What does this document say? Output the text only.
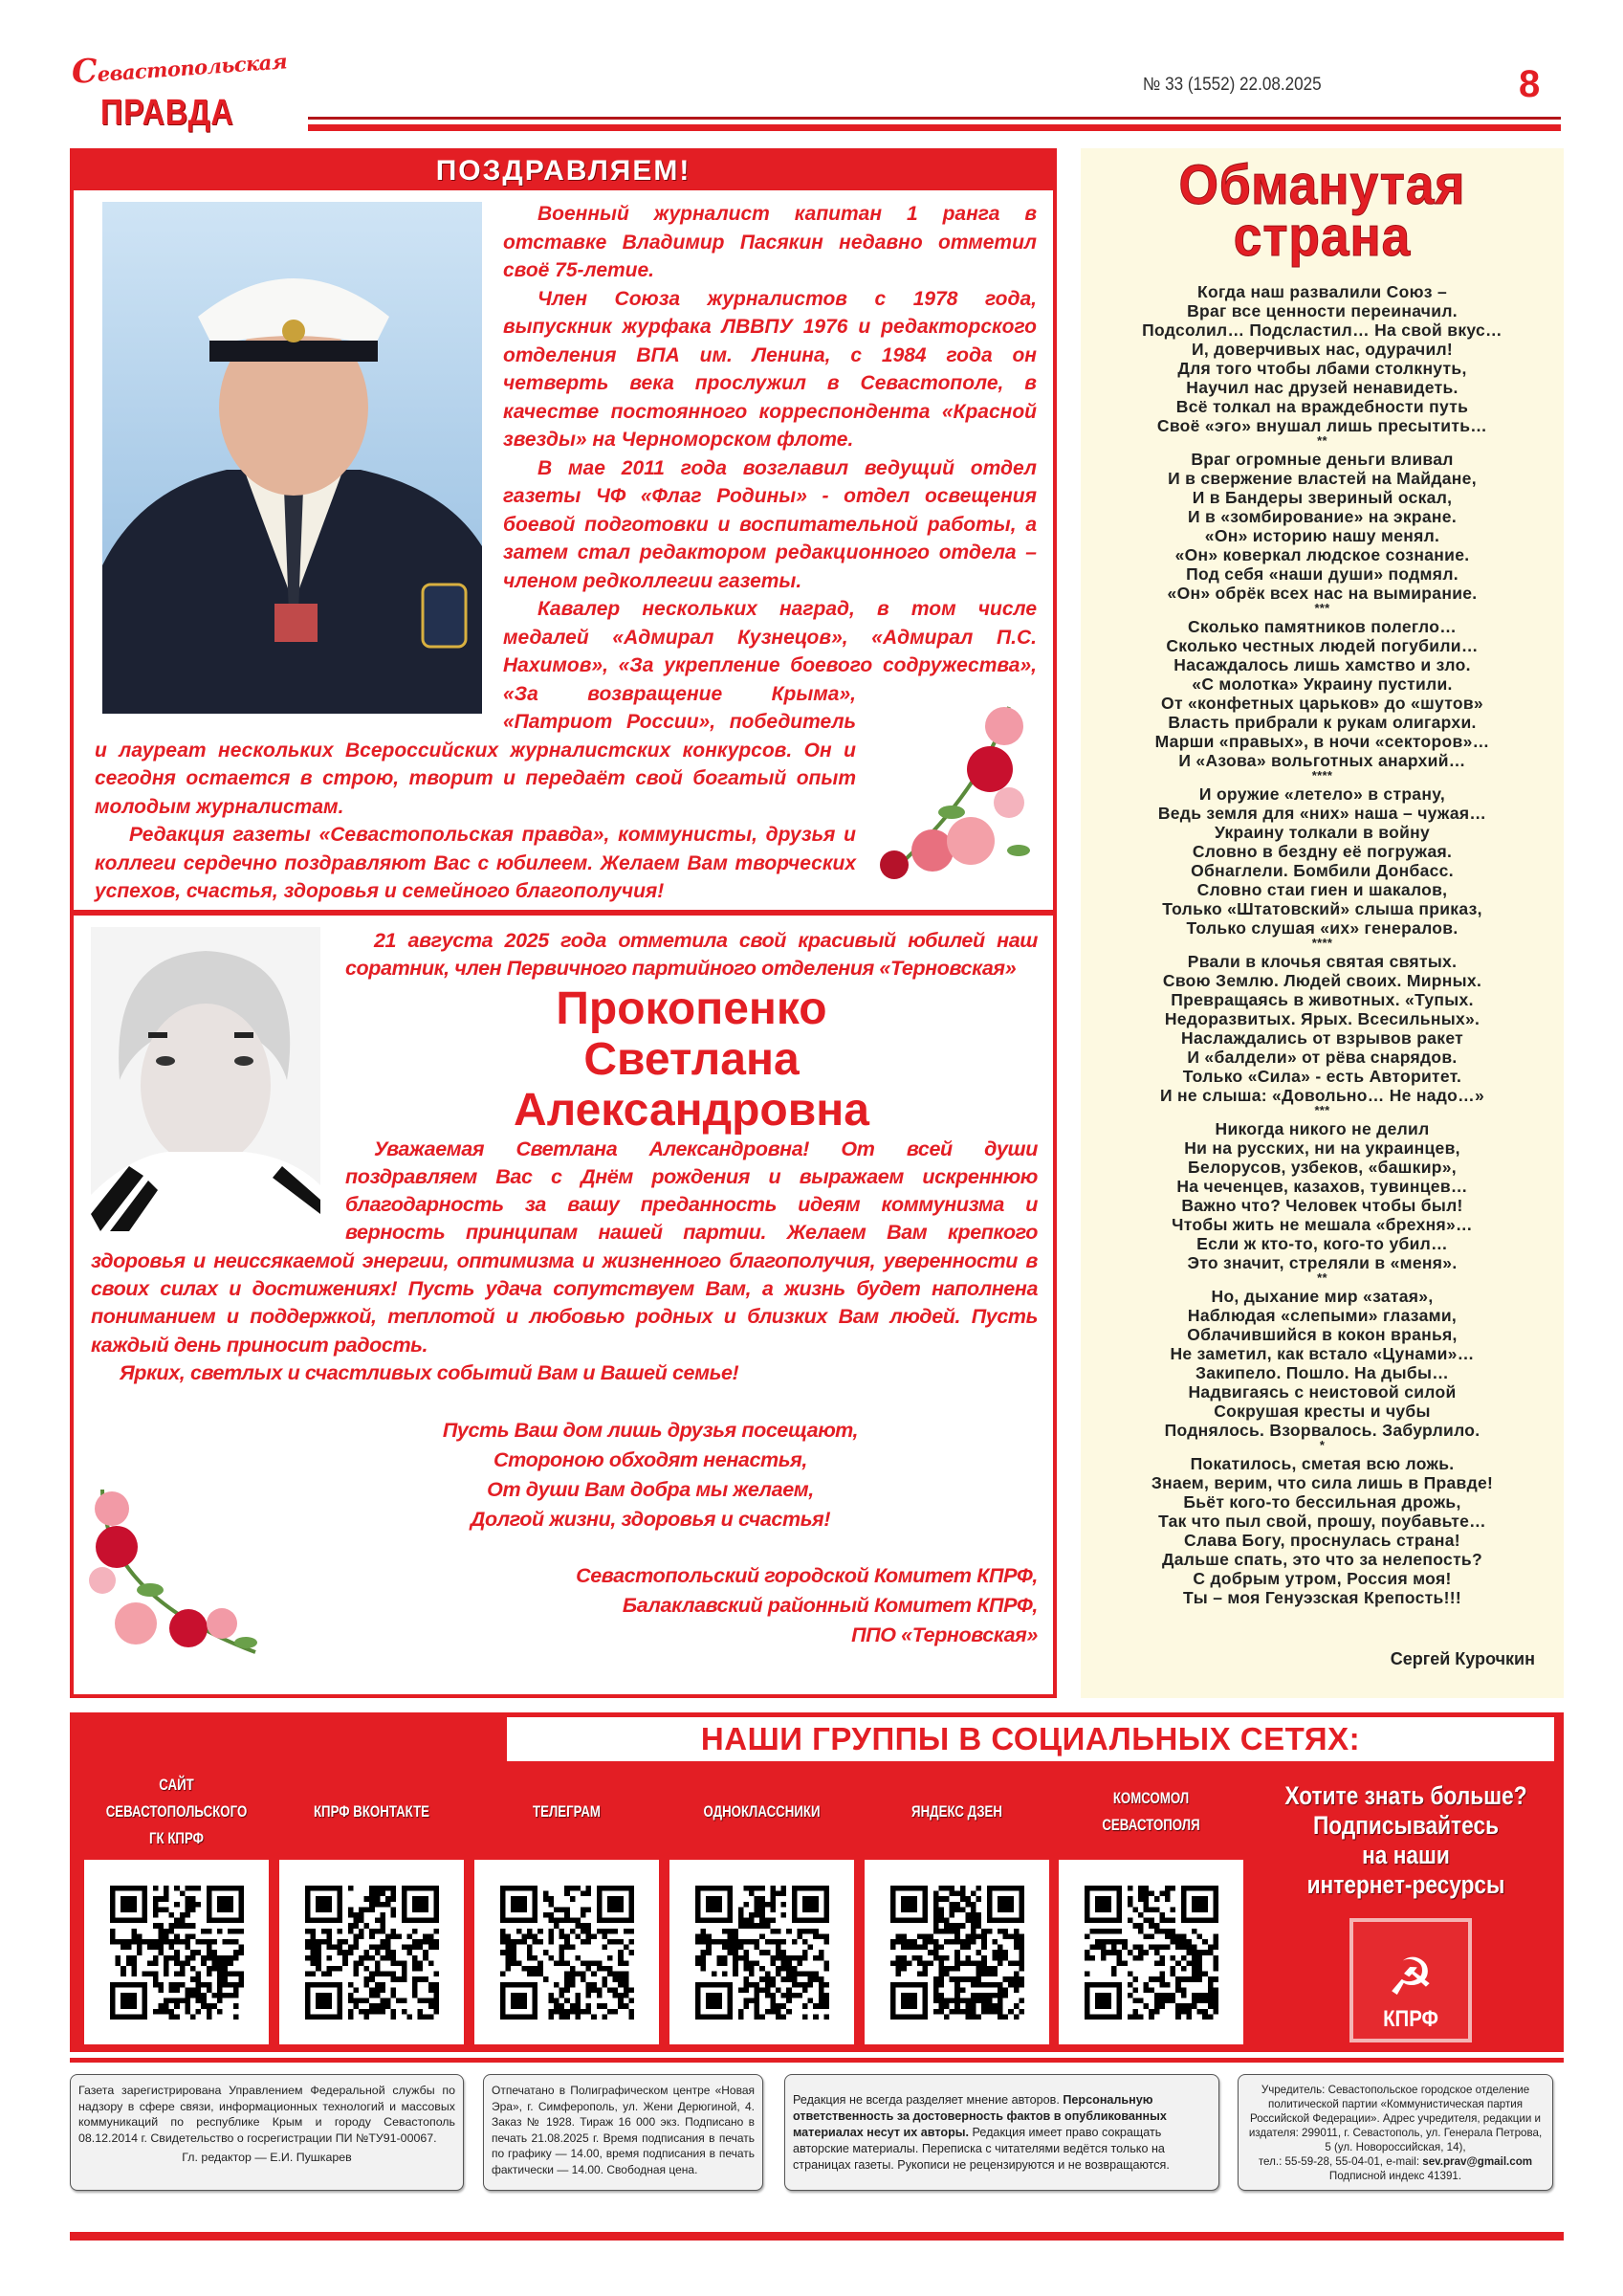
Севастопольская
ПРАВДА
№ 33 (1552) 22.08.2025	8
ПОЗДРАВЛЯЕМ!

Военный журналист капитан 1 ранга в отставке Владимир Пасякин недавно отметил своё 75-летие.

Член Союза журналистов с 1978 года, выпускник журфака ЛВВПУ 1976 и редакторского отделения ВПА им. Ленина, с 1984 года он четверть века прослужил в Севастополе, в качестве постоянного корреспондента «Красной звезды» на Черноморском флоте.

В мае 2011 года возглавил ведущий отдел газеты ЧФ «Флаг Родины» - отдел освещения боевой подготовки и воспитательной работы, а затем стал редактором редакционного отдела – членом редколлегии газеты.

Кавалер нескольких наград, в том числе медалей «Адмирал Кузнецов», «Адмирал П.С. Нахимов», «За укрепление боевого содружества», «За возвращение Крыма», «Патриот России», победитель и лауреат нескольких Всероссийских журналистских конкурсов. Он и сегодня остается в строю, творит и передаёт свой богатый опыт молодым журналистам.

Редакция газеты «Севастопольская правда», коммунисты, друзья и коллеги сердечно поздравляют Вас с юбилеем. Желаем Вам творческих успехов, счастья, здоровья и семейного благополучия!

21 августа 2025 года отметила свой красивый юбилей наш соратник, член Первичного партийного отделения «Терновская»

Прокопенко
Светлана
Александровна

Уважаемая Светлана Александровна! От всей души поздравляем Вас с Днём рождения и выражаем искреннюю благодарность за вашу преданность идеям коммунизма и верность принципам нашей партии. Желаем Вам крепкого здоровья и неиссякаемой энергии, оптимизма и жизненного благополучия, уверенности в своих силах и достижениях! Пусть удача сопутствуем Вам, а жизнь будет наполнена пониманием и поддержкой, теплотой и любовью родных и близких Вам людей. Пусть каждый день приносит радость.

Ярких, светлых и счастливых событий Вам и Вашей семье!

Пусть Ваш дом лишь друзья посещают,
Стороною обходят ненастья,
От души Вам добра мы желаем,
Долгой жизни, здоровья и счастья!
Севастопольский городской Комитет КПРФ,
Балаклавский районный Комитет КПРФ,
ППО «Терновская»
Обманутая
страна
Когда наш развалили Союз –
Враг все ценности переиначил.
Подсолил… Подсластил… На свой вкус…
И, доверчивых нас, одурачил!
Для того чтобы лбами столкнуть,
Научил нас друзей ненавидеть.
Всё толкал на враждебности путь
Своё «эго» внушал лишь пресытить…
**
Враг огромные деньги вливал
И в свержение властей на Майдане,
И в Бандеры звериный оскал,
И в «зомбирование» на экране.
«Он» историю нашу менял.
«Он» коверкал людское сознание.
Под себя «наши души» подмял.
«Он» обрёк всех нас на вымирание.
***
Сколько памятников полегло…
Сколько честных людей погубили…
Насаждалось лишь хамство и зло.
«С молотка» Украину пустили.
От «конфетных царьков» до «шутов»
Власть прибрали к рукам олигархи.
Марши «правых», в ночи «секторов»…
И «Азова» вольготных анархий…
****
И оружие «летело» в страну,
Ведь земля для «них» наша – чужая…
Украину толкали в войну
Словно в бездну её погружая.
Обнаглели. Бомбили Донбасс.
Словно стаи гиен и шакалов,
Только «Штатовский» слыша приказ,
Только слушая «их» генералов.
****
Рвали в клочья святая святых.
Свою Землю. Людей своих. Мирных.
Превращаясь в животных. «Тупых.
Недоразвитых. Ярых. Всесильных».
Наслаждались от взрывов ракет
И «балдели» от рёва снарядов.
Только «Сила» - есть Авторитет.
И не слыша: «Довольно… Не надо…»
***
Никогда никого не делил
Ни на русских, ни на украинцев,
Белорусов, узбеков, «башкир»,
На чеченцев, казахов, тувинцев…
Важно что? Человек чтобы был!
Чтобы жить не мешала «брехня»…
Если ж кто-то, кого-то убил…
Это значит, стреляли в «меня».
**
Но, дыхание мир «затая»,
Наблюдая «слепыми» глазами,
Облачившийся в кокон вранья,
Не заметил, как встало «Цунами»…
Закипело. Пошло. На дыбы…
Надвигаясь с неистовой силой
Сокрушая кресты и чубы
Поднялось. Взорвалось. Забурлило.
*
Покатилось, сметая всю ложь.
Знаем, верим, что сила лишь в Правде!
Бьёт кого-то бессильная дрожь,
Так что пыл свой, прошу, поубавьте…
Слава Богу, проснулась страна!
Дальше спать, это что за нелепость?
С добрым утром, Россия моя!
Ты – моя Генуэзская Крепость!!!
Сергей Курочкин
НАШИ ГРУППЫ В СОЦИАЛЬНЫХ СЕТЯХ:
САЙТ
СЕВАСТОПОЛЬСКОГО
ГК КПРФ
КПРФ ВКОНТАКТЕ	ТЕЛЕГРАМ	ОДНОКЛАССНИКИ	ЯНДЕКС ДЗЕН
КОМСОМОЛ
СЕВАСТОПОЛЯ
Хотите знать больше?
Подписывайтесь
на наши
интернет-ресурсы
☭
КПРФ
Газета зарегистрирована Управлением Федеральной службы по надзору в сфере связи, информационных технологий и массовых коммуникаций по республике Крым и городу Севастополь 08.12.2014 г. Свидетельство о госрегистрации ПИ №ТУ91-00067.
Гл. редактор — Е.И. Пушкарев
Отпечатано в Полиграфическом центре «Новая Эра», г. Симферополь, ул. Жени Дерюгиной, 4. Заказ № 1928. Тираж 16 000 экз. Подписано в печать 21.08.2025 г. Время подписания в печать по графику — 14.00, время подписания в печать фактически — 14.00. Свободная цена.
Редакция не всегда разделяет мнение авторов. Персональную ответственность за достоверность фактов в опубликованных материалах несут их авторы. Редакция имеет право сокращать авторские материалы. Переписка с читателями ведётся только на страницах газеты. Рукописи не рецензируются и не возвращаются.
Учредитель: Севастопольское городское отделение политической партии «Коммунистическая партия Российской Федерации». Адрес учредителя, редакции и издателя: 299011, г. Севастополь, ул. Генерала Петрова, 5 (ул. Новороссийская, 14),
тел.: 55-59-28, 55-04-01, e-mail: sev.prav@gmail.com
Подписной индекс 41391.
